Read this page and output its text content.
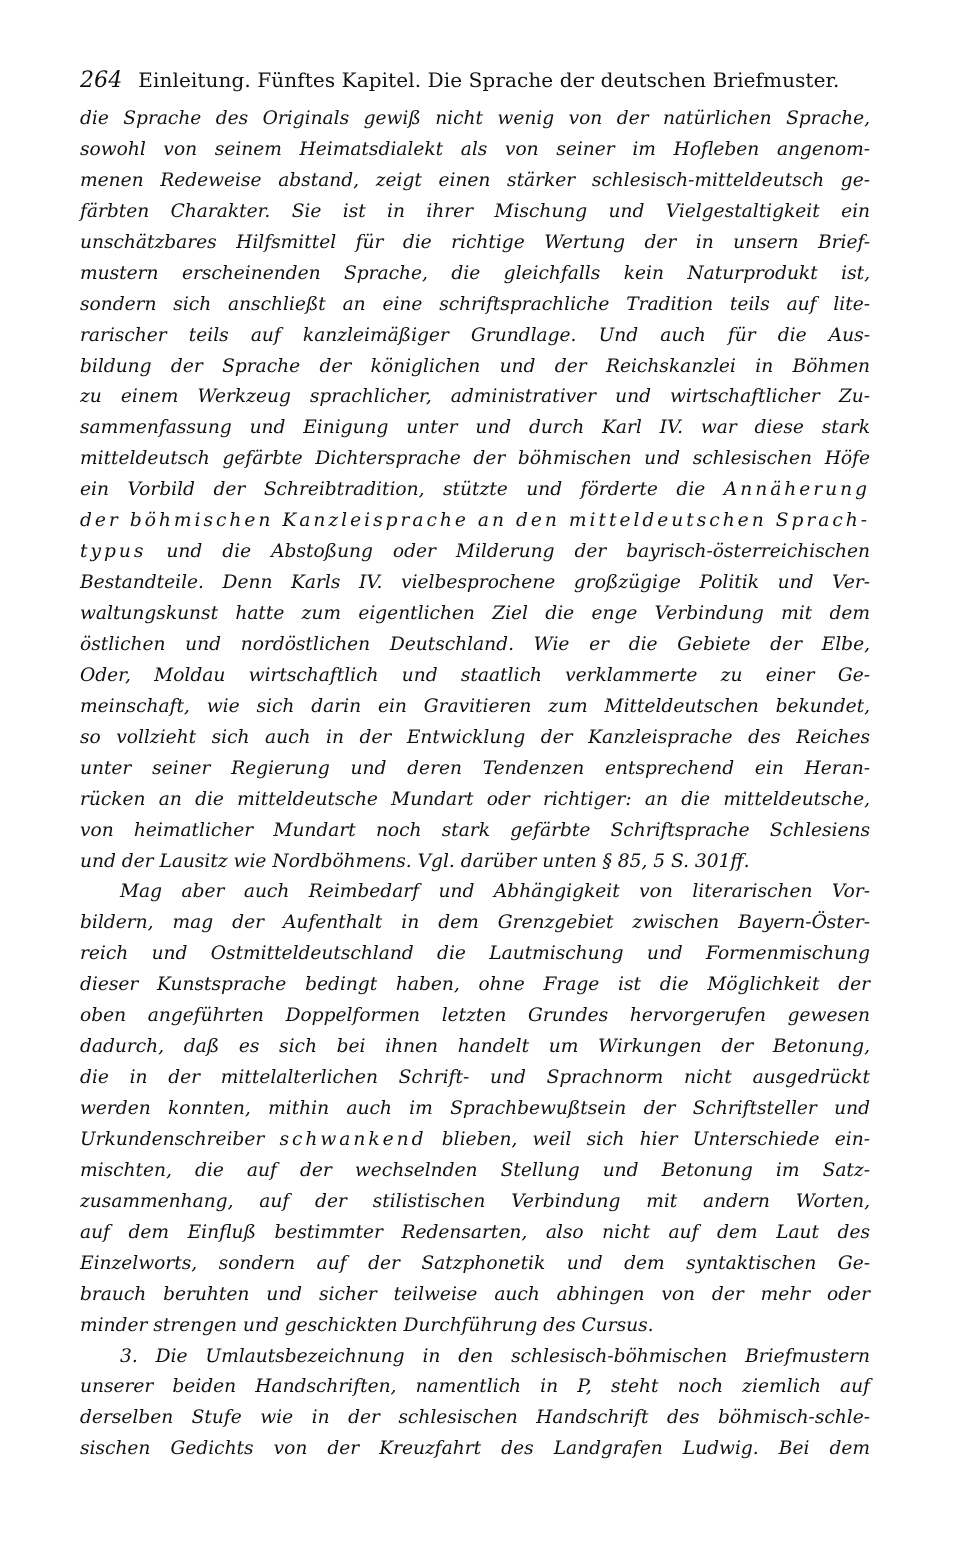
264 Einleitung. Fünftes Kapitel. Die Sprache der deutschen Briefmuster.
die Sprache des Originals gewiß nicht wenig von der natürlichen Sprache,
sowohl von seinem Heimatsdialekt als von seiner im Hofleben angenom-
menen Redeweise abstand, zeigt einen stärker schlesisch-mitteldeutsch ge-
färbten Charakter. Sie ist in ihrer Mischung und Vielgestaltigkeit ein
unschätzbares Hilfsmittel für die richtige Wertung der in unsern Brief-
mustern erscheinenden Sprache, die gleichfalls kein Naturprodukt ist,
sondern sich anschließt an eine schriftsprachliche Tradition teils auf lite-
rarischer teils auf kanzleimäßiger Grundlage. Und auch für die Aus-
bildung der Sprache der königlichen und der Reichskanzlei in Böhmen
zu einem Werkzeug sprachlicher, administrativer und wirtschaftlicher Zu-
sammenfassung und Einigung unter und durch Karl IV. war diese stark
mitteldeutsch gefärbte Dichtersprache der böhmischen und schlesischen Höfe
ein Vorbild der Schreibtradition, stützte und förderte die Annäherung
der böhmischen Kanzleisprache an den mitteldeutschen Sprach-
typus und die Abstoßung oder Milderung der bayrisch-österreichischen
Bestandteile. Denn Karls IV. vielbesprochene großzügige Politik und Ver-
waltungskunst hatte zum eigentlichen Ziel die enge Verbindung mit dem
östlichen und nordöstlichen Deutschland. Wie er die Gebiete der Elbe,
Oder, Moldau wirtschaftlich und staatlich verklammerte zu einer Ge-
meinschaft, wie sich darin ein Gravitieren zum Mitteldeutschen bekundet,
so vollzieht sich auch in der Entwicklung der Kanzleisprache des Reiches
unter seiner Regierung und deren Tendenzen entsprechend ein Heran-
rücken an die mitteldeutsche Mundart oder richtiger: an die mitteldeutsche,
von heimatlicher Mundart noch stark gefärbte Schriftsprache Schlesiens
und der Lausitz wie Nordböhmens. Vgl. darüber unten § 85, 5 S. 301ff.
Mag aber auch Reimbedarf und Abhängigkeit von literarischen Vor-
bildern, mag der Aufenthalt in dem Grenzgebiet zwischen Bayern-Öster-
reich und Ostmitteldeutschland die Lautmischung und Formenmischung
dieser Kunstsprache bedingt haben, ohne Frage ist die Möglichkeit der
oben angeführten Doppelformen letzten Grundes hervorgerufen gewesen
dadurch, daß es sich bei ihnen handelt um Wirkungen der Betonung,
die in der mittelalterlichen Schrift- und Sprachnorm nicht ausgedrückt
werden konnten, mithin auch im Sprachbewußtsein der Schriftsteller und
Urkundenschreiber schwankend blieben, weil sich hier Unterschiede ein-
mischten, die auf der wechselnden Stellung und Betonung im Satz-
zusammenhang, auf der stilistischen Verbindung mit andern Worten,
auf dem Einfluß bestimmter Redensarten, also nicht auf dem Laut des
Einzelworts, sondern auf der Satzphonetik und dem syntaktischen Ge-
brauch beruhten und sicher teilweise auch abhingen von der mehr oder
minder strengen und geschickten Durchführung des Cursus.
3. Die Umlautsbezeichnung in den schlesisch-böhmischen Briefmustern
unserer beiden Handschriften, namentlich in P, steht noch ziemlich auf
derselben Stufe wie in der schlesischen Handschrift des böhmisch-schle-
sischen Gedichts von der Kreuzfahrt des Landgrafen Ludwig. Bei dem
